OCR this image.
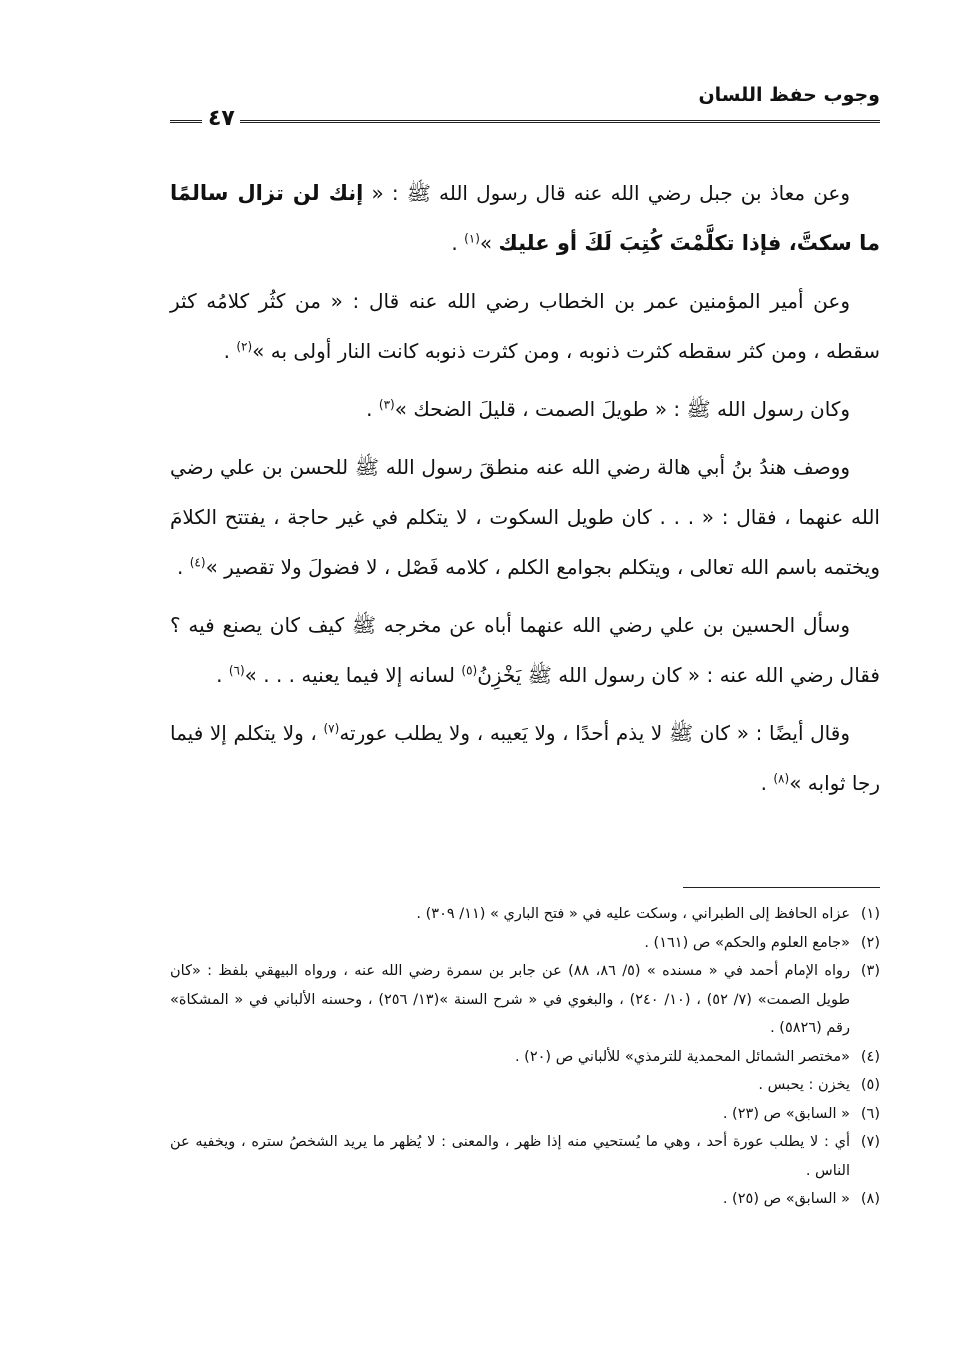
وجوب حفظ اللسان
٤٧

وعن معاذ بن جبل رضي الله عنه قال رسول الله ﷺ : « إنك لن تزال سالمًا ما سكتَّ، فإذا تكلَّمْتَ كُتِبَ لَكَ أو عليك »$^{(١)}$ .

وعن أمير المؤمنين عمر بن الخطاب رضي الله عنه قال : « من كثُر كلامُه كثر سقطه ، ومن كثر سقطه كثرت ذنوبه ، ومن كثرت ذنوبه كانت النار أولى به »$^{(٢)}$ .

وكان رسول الله ﷺ : « طويلَ الصمت ، قليلَ الضحك »$^{(٣)}$ .

ووصف هندُ بنُ أبي هالة رضي الله عنه منطقَ رسول الله ﷺ للحسن بن علي رضي الله عنهما ، فقال : « . . . كان طويل السكوت ، لا يتكلم في غير حاجة ، يفتتح الكلامَ ويختمه باسم الله تعالى ، ويتكلم بجوامع الكلم ، كلامه فَصْل ، لا فضولَ ولا تقصير »$^{(٤)}$ .

وسأل الحسين بن علي رضي الله عنهما أباه عن مخرجه ﷺ كيف كان يصنع فيه ؟ فقال رضي الله عنه : « كان رسول الله ﷺ يَخْزِنُ$^{(٥)}$ لسانه إلا فيما يعنيه . . . »$^{(٦)}$ .

وقال أيضًا : « كان ﷺ لا يذم أحدًا ، ولا يَعيبه ، ولا يطلب عورته$^{(٧)}$ ، ولا يتكلم إلا فيما رجا ثوابه »$^{(٨)}$ .

(١)
عزاه الحافظ إلى الطبراني ، وسكت عليه في « فتح الباري » (١١/ ٣٠٩) .
(٢)
«جامع العلوم والحكم» ص (١٦١) .
(٣)
رواه الإمام أحمد في « مسنده » (٥/ ٨٦، ٨٨) عن جابر بن سمرة رضي الله عنه ، ورواه البيهقي بلفظ : «كان طويل الصمت» (٧/ ٥٢) ، (١٠/ ٢٤٠) ، والبغوي في « شرح السنة »(١٣/ ٢٥٦) ، وحسنه الألباني في « المشكاة» رقم (٥٨٢٦) .
(٤)
«مختصر الشمائل المحمدية للترمذي» للألباني ص (٢٠) .
(٥)
يخزن : يحبس .
(٦)
« السابق» ص (٢٣) .
(٧)
أي : لا يطلب عورة أحد ، وهي ما يُستحيي منه إذا ظهر ، والمعنى : لا يُظهر ما يريد الشخصُ ستره ، ويخفيه عن الناس .
(٨)
« السابق» ص (٢٥) .
